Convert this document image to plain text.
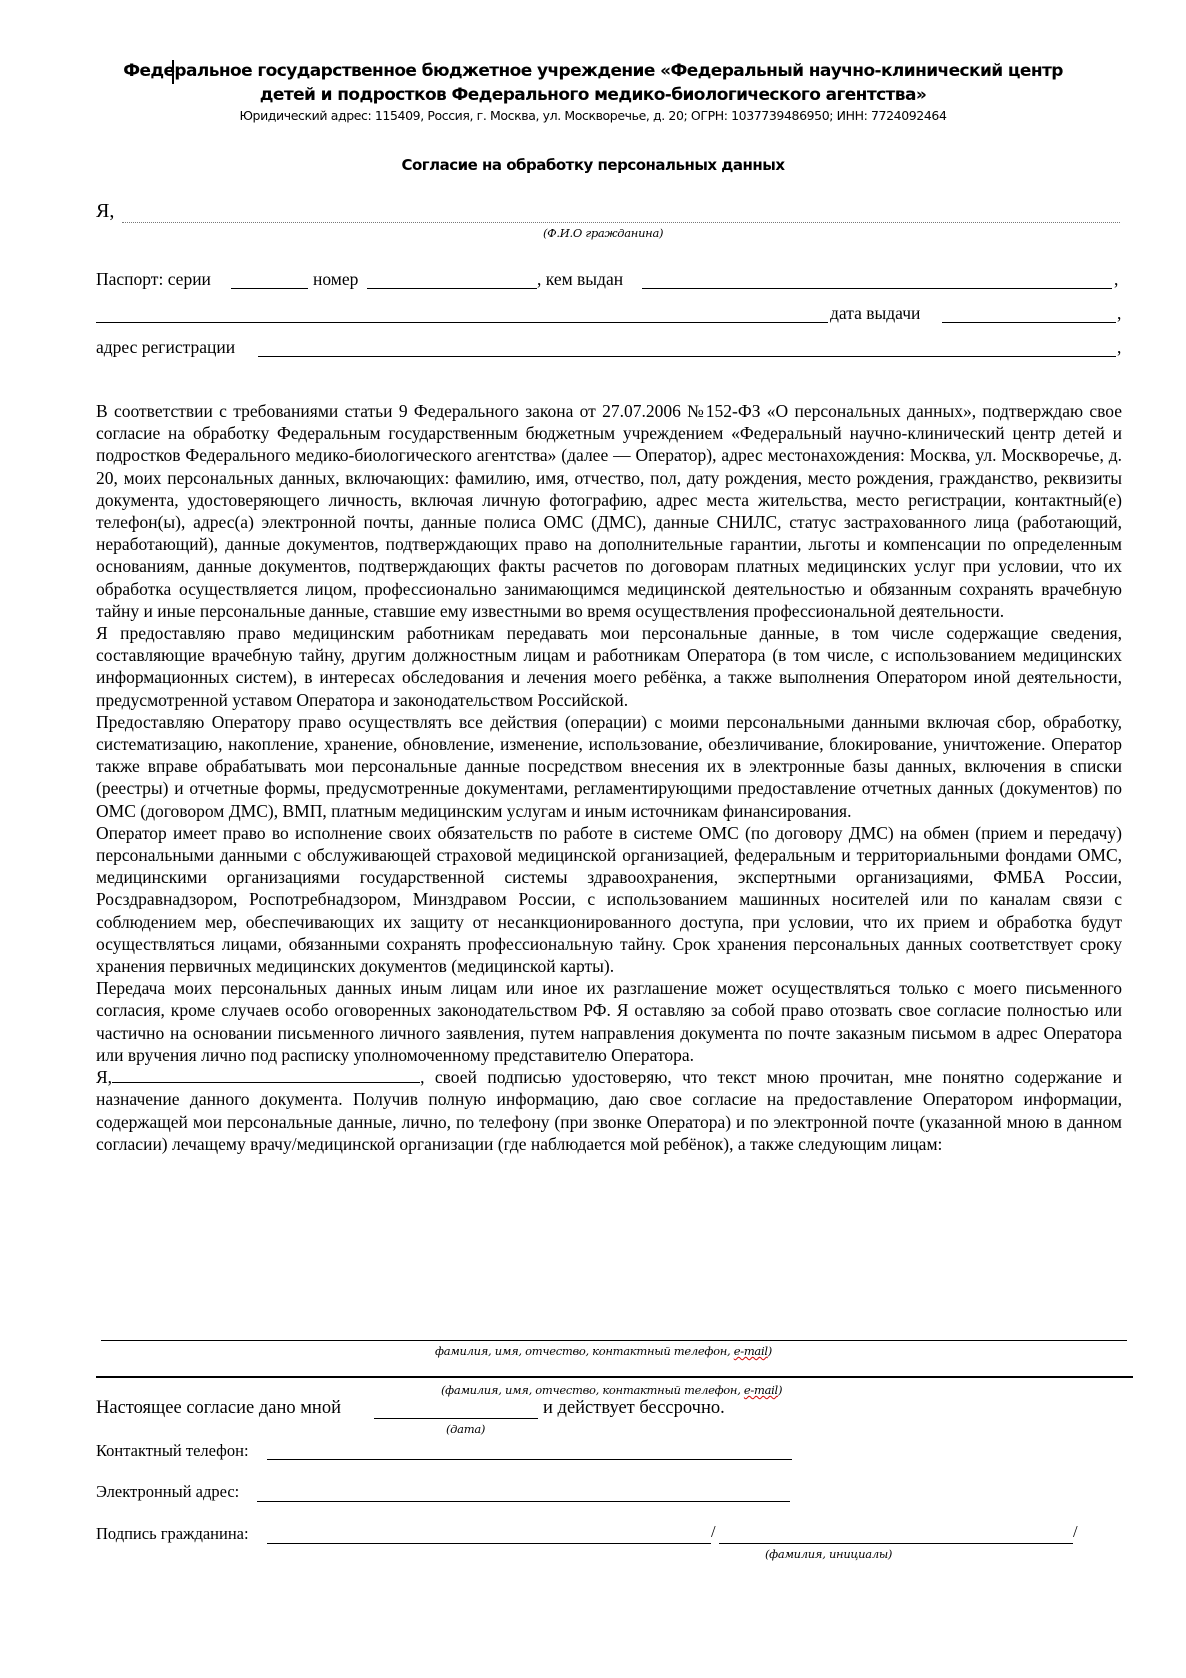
Федеральное государственное бюджетное учреждение «Федеральный научно-клинический центр
детей и подростков Федерального медико-биологического агентства»
Юридический адрес: 115409, Россия, г. Москва, ул. Москворечье, д. 20; ОГРН: 1037739486950; ИНН: 7724092464
Согласие на обработку персональных данных
Я,
(Ф.И.О гражданина)
Паспорт: серии	номер	, кем выдан	,
дата выдачи	,
адрес регистрации	,

В соответствии с требованиями статьи 9 Федерального закона от 27.07.2006 №152-ФЗ «О персональных данных», подтверждаю свое согласие на обработку Федеральным государственным бюджетным учреждением «Федеральный научно-клинический центр детей и подростков Федерального медико-биологического агентства» (далее — Оператор), адрес местонахождения: Москва, ул. Москворечье, д. 20, моих персональных данных, включающих: фамилию, имя, отчество, пол, дату рождения, место рождения, гражданство, реквизиты документа, удостоверяющего личность, включая личную фотографию, адрес места жительства, место регистрации, контактный(е) телефон(ы), адрес(а) электронной почты, данные полиса ОМС (ДМС), данные СНИЛС, статус застрахованного лица (работающий, неработающий), данные документов, подтверждающих право на дополнительные гарантии, льготы и компенсации по определенным основаниям, данные документов, подтверждающих факты расчетов по договорам платных медицинских услуг при условии, что их обработка осуществляется лицом, профессионально занимающимся медицинской деятельностью и обязанным сохранять врачебную тайну и иные персональные данные, ставшие ему известными во время осуществления профессиональной деятельности.

Я предоставляю право медицинским работникам передавать мои персональные данные, в том числе содержащие сведения, составляющие врачебную тайну, другим должностным лицам и работникам Оператора (в том числе, с использованием медицинских информационных систем), в интересах обследования и лечения моего ребёнка, а также выполнения Оператором иной деятельности, предусмотренной уставом Оператора и законодательством Российской.

Предоставляю Оператору право осуществлять все действия (операции) с моими персональными данными включая сбор, обработку, систематизацию, накопление, хранение, обновление, изменение, использование, обезличивание, блокирование, уничтожение. Оператор также вправе обрабатывать мои персональные данные посредством внесения их в электронные базы данных, включения в списки (реестры) и отчетные формы, предусмотренные документами, регламентирующими предоставление отчетных данных (документов) по ОМС (договором ДМС), ВМП, платным медицинским услугам и иным источникам финансирования.

Оператор имеет право во исполнение своих обязательств по работе в системе ОМС (по договору ДМС) на обмен (прием и передачу) персональными данными с обслуживающей страховой медицинской организацией, федеральным и территориальными фондами ОМС, медицинскими организациями государственной системы здравоохранения, экспертными организациями, ФМБА России, Росздравнадзором, Роспотребнадзором, Минздравом России, с использованием машинных носителей или по каналам связи с соблюдением мер, обеспечивающих их защиту от несанкционированного доступа, при условии, что их прием и обработка будут осуществляться лицами, обязанными сохранять профессиональную тайну. Срок хранения персональных данных соответствует сроку хранения первичных медицинских документов (медицинской карты).

Передача моих персональных данных иным лицам или иное их разглашение может осуществляться только с моего письменного согласия, кроме случаев особо оговоренных законодательством РФ. Я оставляю за собой право отозвать свое согласие полностью или частично на основании письменного личного заявления, путем направления документа по почте заказным письмом в адрес Оператора или вручения лично под расписку уполномоченному представителю Оператора.

Я,	, своей подписью удостоверяю, что текст мною прочитан, мне понятно содержание и назначение данного документа. Получив полную информацию, даю свое согласие на предоставление Оператором информации, содержащей мои персональные данные, лично, по телефону (при звонке Оператора) и по электронной почте (указанной мною в данном согласии) лечащему врачу/медицинской организации (где наблюдается мой ребёнок), а также следующим лицам:

фамилия, имя, отчество, контактный телефон, e-mail)
(фамилия, имя, отчество, контактный телефон, e-mail)
Настоящее согласие дано мной	и действует бессрочно.
(дата)
Контактный телефон:
Электронный адрес:
Подпись гражданина:	/	/
(фамилия, инициалы)
